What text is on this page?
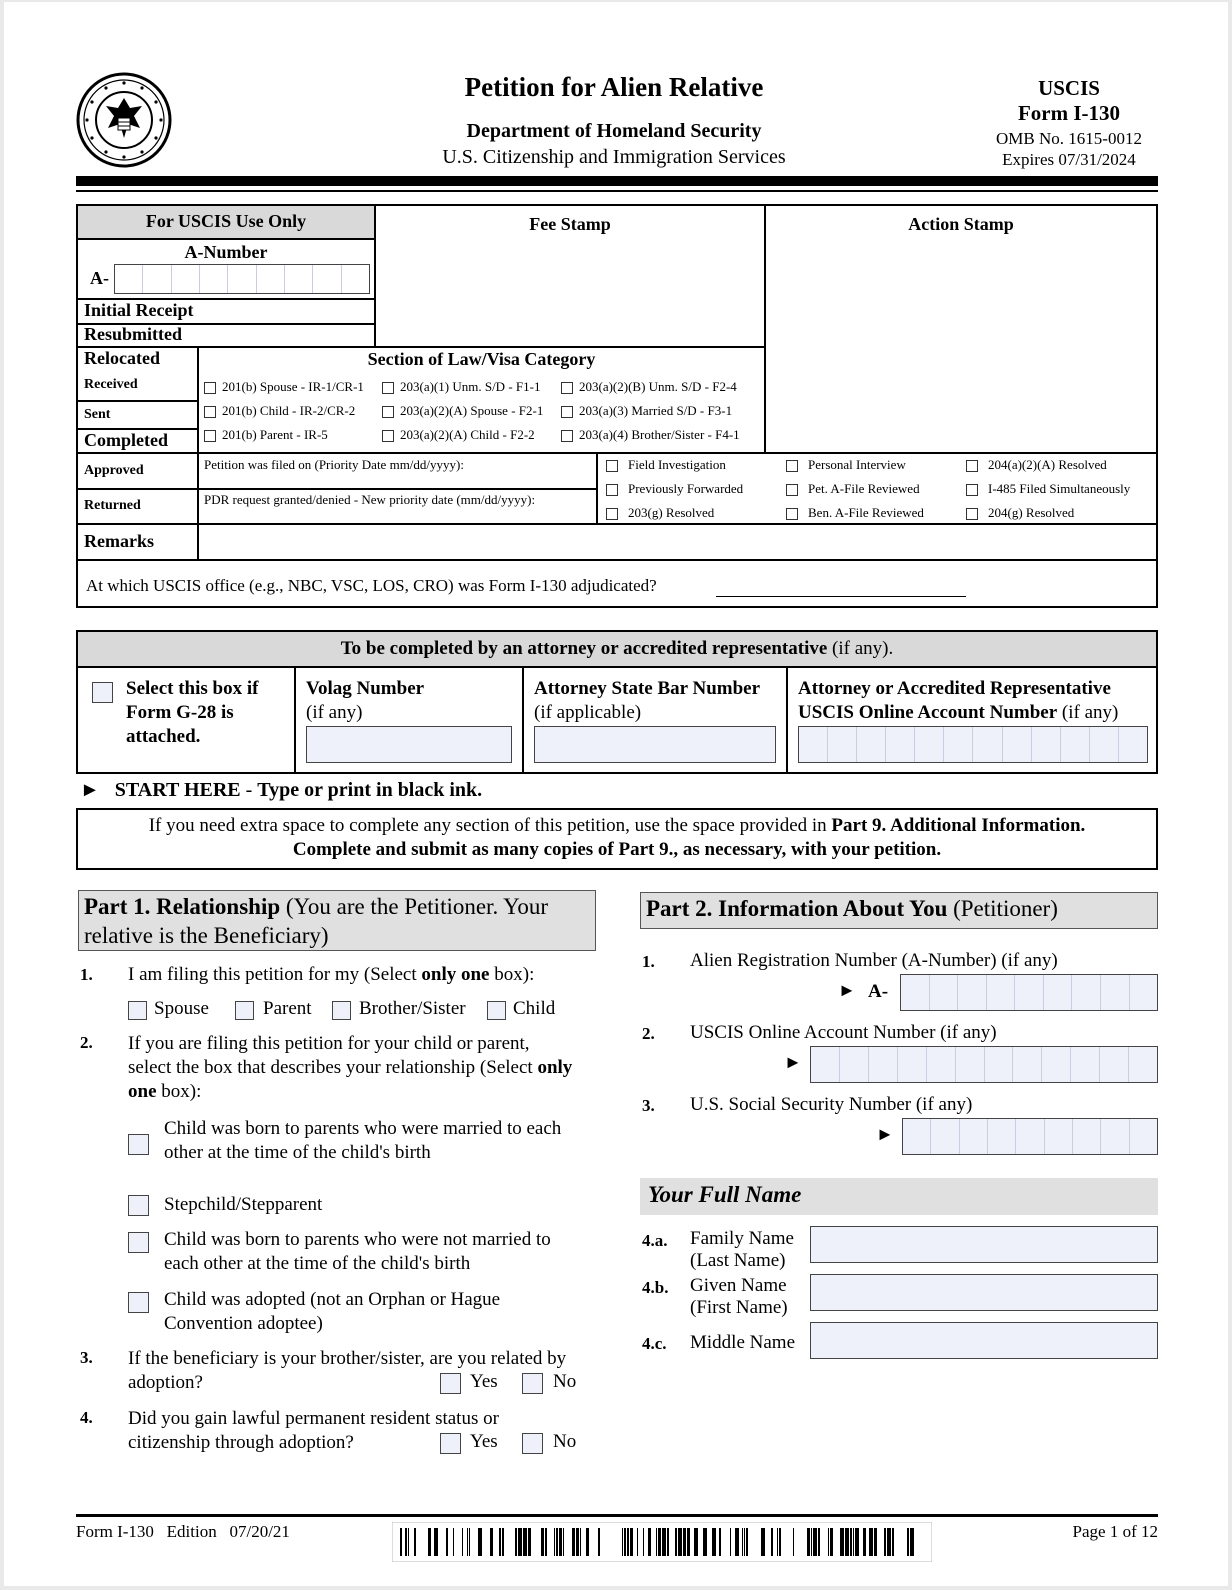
Petition for Alien Relative
Department of Homeland Security
U.S. Citizenship and Immigration Services
USCIS
Form I-130
OMB No. 1615-0012
Expires 07/31/2024
For USCIS Use Only	Fee Stamp	Action Stamp
A-Number
A-
Initial Receipt
Resubmitted
Relocated
Received
Sent
Completed
Approved
Returned
Remarks
Section of Law/Visa Category
201(b) Spouse - IR-1/CR-1	203(a)(1) Unm. S/D - F1-1	203(a)(2)(B) Unm. S/D - F2-4
201(b) Child - IR-2/CR-2	203(a)(2)(A) Spouse - F2-1	203(a)(3) Married S/D - F3-1
201(b) Parent - IR-5	203(a)(2)(A) Child - F2-2	203(a)(4) Brother/Sister - F4-1
Petition was filed on (Priority Date mm/dd/yyyy):
PDR request granted/denied - New priority date (mm/dd/yyyy):
Field Investigation	Personal Interview	204(a)(2)(A) Resolved
Previously Forwarded	Pet. A-File Reviewed	I-485 Filed Simultaneously
203(g) Resolved	Ben. A-File Reviewed	204(g) Resolved
At which USCIS office (e.g., NBC, VSC, LOS, CRO) was Form I-130 adjudicated?
To be completed by an attorney or accredited representative (if any).
Select this box if
Form G-28 is
attached.
Volag Number
(if any)
Attorney State Bar Number
(if applicable)
Attorney or Accredited Representative
USCIS Online Account Number (if any)
► START HERE - Type or print in black ink.
If you need extra space to complete any section of this petition, use the space provided in Part 9. Additional Information.
Complete and submit as many copies of Part 9., as necessary, with your petition.
Part 1. Relationship (You are the Petitioner. Your
relative is the Beneficiary)
1. I am filing this petition for my (Select only one box):
Spouse	Parent Brother/Sister Child
2. If you are filing this petition for your child or parent,
select the box that describes your relationship (Select only
one box):
Child was born to parents who were married to each
other at the time of the child's birth
Stepchild/Stepparent
Child was born to parents who were not married to
each other at the time of the child's birth
Child was adopted (not an Orphan or Hague
Convention adoptee)
3. If the beneficiary is your brother/sister, are you related by
adoption?	Yes	No
4. Did you gain lawful permanent resident status or
citizenship through adoption?	Yes	No
Part 2. Information About You (Petitioner)
1. Alien Registration Number (A-Number) (if any)
► A-
2. USCIS Online Account Number (if any)
►
3. U.S. Social Security Number (if any)
►
Your Full Name
4.a. Family Name
(Last Name)
4.b. Given Name
(First Name)
4.c. Middle Name
Form I-130   Edition   07/20/21	Page 1 of 12
